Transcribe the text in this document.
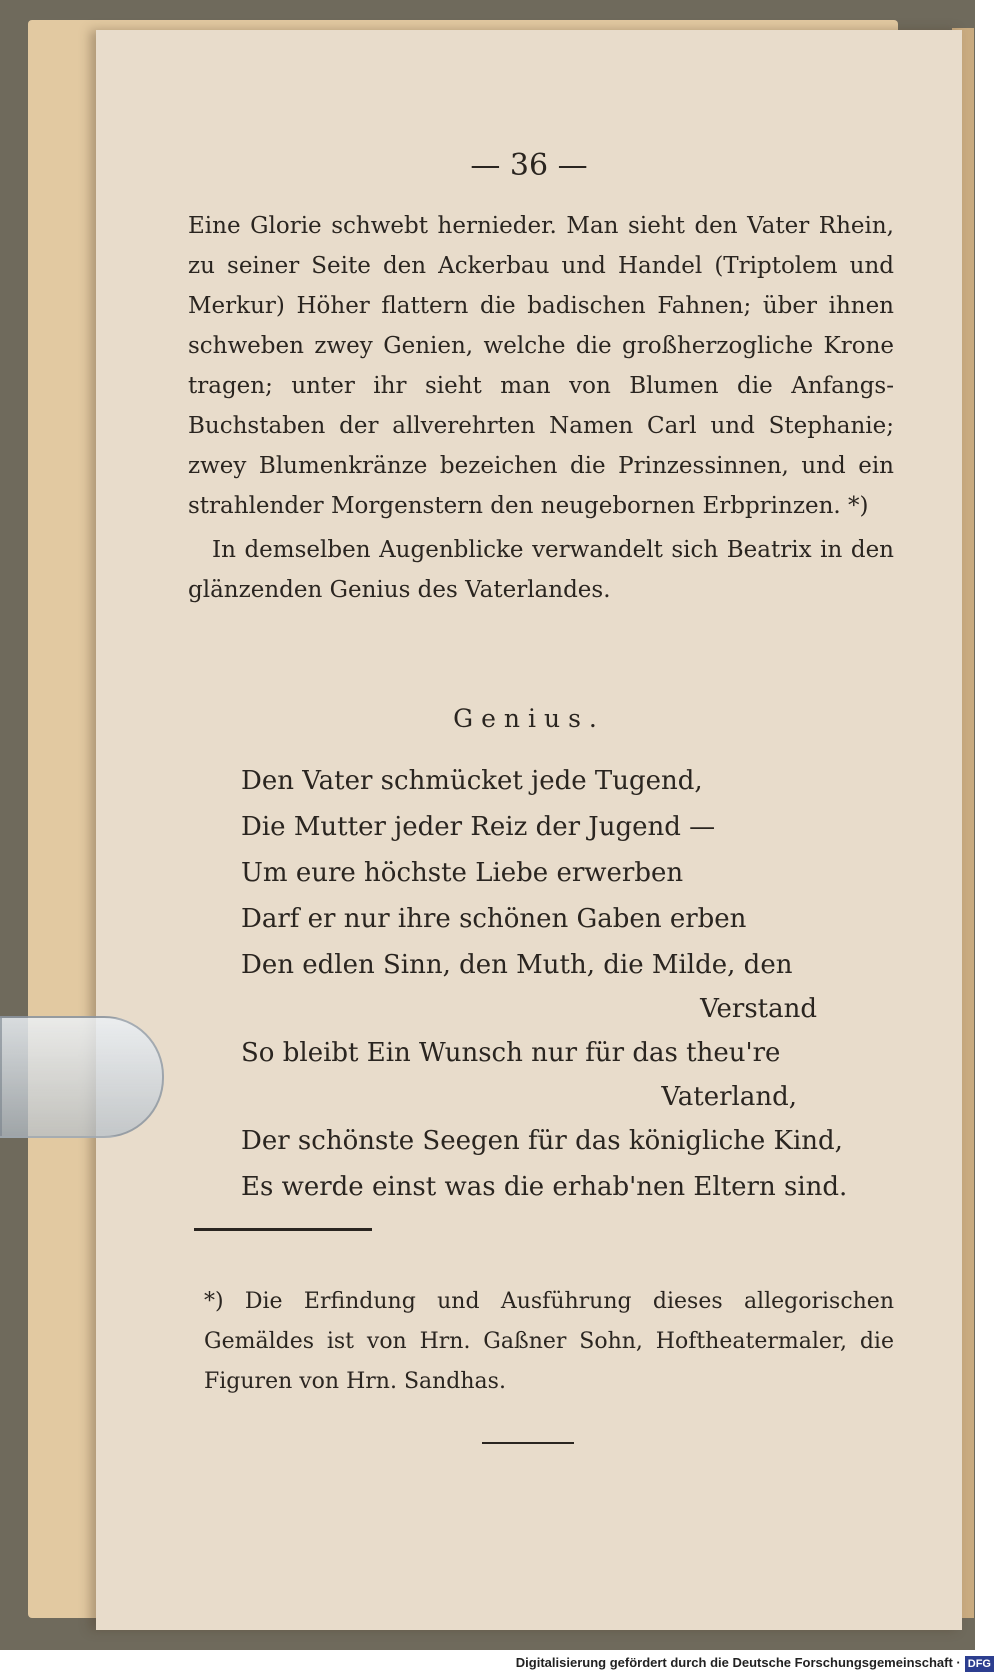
— 36 —

Eine Glorie schwebt hernieder. Man sieht den Vater Rhein, zu seiner Seite den Ackerbau und Handel (Triptolem und Merkur) Höher flattern die badischen Fahnen; über ihnen schweben zwey Genien, welche die großherzogliche Krone tragen; unter ihr sieht man von Blumen die Anfangs-Buchstaben der allverehrten Namen Carl und Stephanie; zwey Blumenkränze bezeichen die Prinzessinnen, und ein strahlender Morgenstern den neugebornen Erbprinzen. *)

In demselben Augenblicke verwandelt sich Beatrix in den glänzenden Genius des Vaterlandes.

Genius.
Den Vater schmücket jede Tugend,
Die Mutter jeder Reiz der Jugend —
Um eure höchste Liebe erwerben
Darf er nur ihre schönen Gaben erben
Den edlen Sinn, den Muth, die Milde, den
Verstand
So bleibt Ein Wunsch nur für das theu're
Vaterland,
Der schönste Seegen für das königliche Kind,
Es werde einst was die erhab'nen Eltern sind.
*) Die Erfindung und Ausführung dieses allegorischen Gemäldes ist von Hrn. Gaßner Sohn, Hoftheatermaler, die Figuren von Hrn. Sandhas.
Digitalisierung gefördert durch die Deutsche Forschungsgemeinschaft · DFG
